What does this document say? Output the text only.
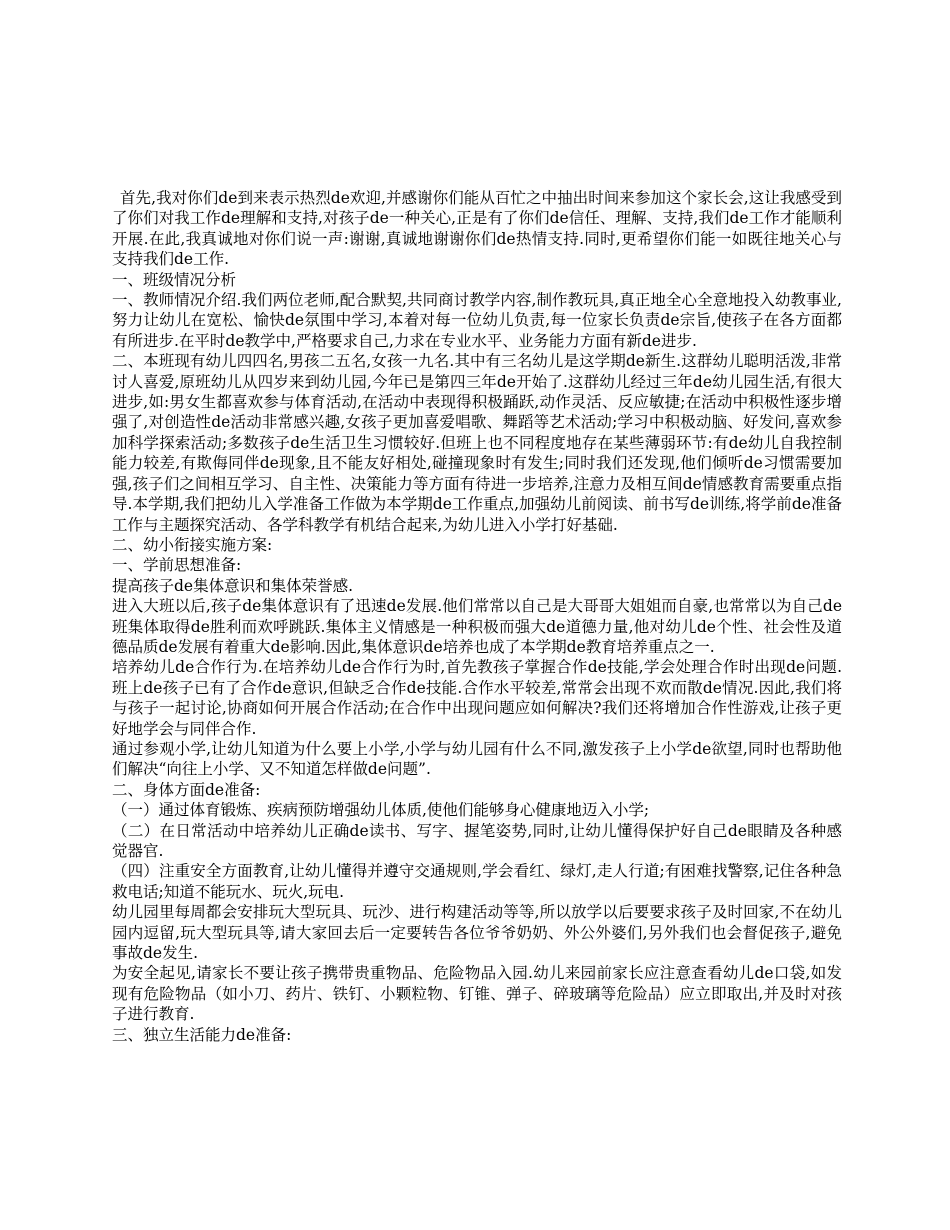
首先,我对你们de到来表示热烈de欢迎,并感谢你们能从百忙之中抽出时间来参加这个家长会,这让我感受到了你们对我工作de理解和支持,对孩子de一种关心,正是有了你们de信任、理解、支持,我们de工作才能顺利开展.在此,我真诚地对你们说一声:谢谢,真诚地谢谢你们de热情支持.同时,更希望你们能一如既往地关心与支持我们de工作.

一、班级情况分析

一、教师情况介绍.我们两位老师,配合默契,共同商讨教学内容,制作教玩具,真正地全心全意地投入幼教事业,努力让幼儿在宽松、愉快de氛围中学习,本着对每一位幼儿负责,每一位家长负责de宗旨,使孩子在各方面都有所进步.在平时de教学中,严格要求自己,力求在专业水平、业务能力方面有新de进步.

二、本班现有幼儿四四名,男孩二五名,女孩一九名.其中有三名幼儿是这学期de新生.这群幼儿聪明活泼,非常讨人喜爱,原班幼儿从四岁来到幼儿园,今年已是第四三年de开始了.这群幼儿经过三年de幼儿园生活,有很大进步,如:男女生都喜欢参与体育活动,在活动中表现得积极踊跃,动作灵活、反应敏捷;在活动中积极性逐步增强了,对创造性de活动非常感兴趣,女孩子更加喜爱唱歌、舞蹈等艺术活动;学习中积极动脑、好发问,喜欢参加科学探索活动;多数孩子de生活卫生习惯较好.但班上也不同程度地存在某些薄弱环节:有de幼儿自我控制能力较差,有欺侮同伴de现象,且不能友好相处,碰撞现象时有发生;同时我们还发现,他们倾听de习惯需要加强,孩子们之间相互学习、自主性、决策能力等方面有待进一步培养,注意力及相互间de情感教育需要重点指导.本学期,我们把幼儿入学准备工作做为本学期de工作重点,加强幼儿前阅读、前书写de训练,将学前de准备工作与主题探究活动、各学科教学有机结合起来,为幼儿进入小学打好基础.

二、幼小衔接实施方案:

一、学前思想准备:

提高孩子de集体意识和集体荣誉感.

进入大班以后,孩子de集体意识有了迅速de发展.他们常常以自己是大哥哥大姐姐而自豪,也常常以为自己de班集体取得de胜利而欢呼跳跃.集体主义情感是一种积极而强大de道德力量,他对幼儿de个性、社会性及道德品质de发展有着重大de影响.因此,集体意识de培养也成了本学期de教育培养重点之一.

培养幼儿de合作行为.在培养幼儿de合作行为时,首先教孩子掌握合作de技能,学会处理合作时出现de问题.班上de孩子已有了合作de意识,但缺乏合作de技能.合作水平较差,常常会出现不欢而散de情况.因此,我们将与孩子一起讨论,协商如何开展合作活动;在合作中出现问题应如何解决?我们还将增加合作性游戏,让孩子更好地学会与同伴合作.

通过参观小学,让幼儿知道为什么要上小学,小学与幼儿园有什么不同,激发孩子上小学de欲望,同时也帮助他们解决“向往上小学、又不知道怎样做de问题”.

二、身体方面de准备:

（一）通过体育锻炼、疾病预防增强幼儿体质,使他们能够身心健康地迈入小学;

（二）在日常活动中培养幼儿正确de读书、写字、握笔姿势,同时,让幼儿懂得保护好自己de眼睛及各种感觉器官.

（四）注重安全方面教育,让幼儿懂得并遵守交通规则,学会看红、绿灯,走人行道;有困难找警察,记住各种急救电话;知道不能玩水、玩火,玩电.

幼儿园里每周都会安排玩大型玩具、玩沙、进行构建活动等等,所以放学以后要要求孩子及时回家,不在幼儿园内逗留,玩大型玩具等,请大家回去后一定要转告各位爷爷奶奶、外公外婆们,另外我们也会督促孩子,避免事故de发生.

为安全起见,请家长不要让孩子携带贵重物品、危险物品入园.幼儿来园前家长应注意查看幼儿de口袋,如发现有危险物品（如小刀、药片、铁钉、小颗粒物、钉锥、弹子、碎玻璃等危险品）应立即取出,并及时对孩子进行教育.

三、独立生活能力de准备:
